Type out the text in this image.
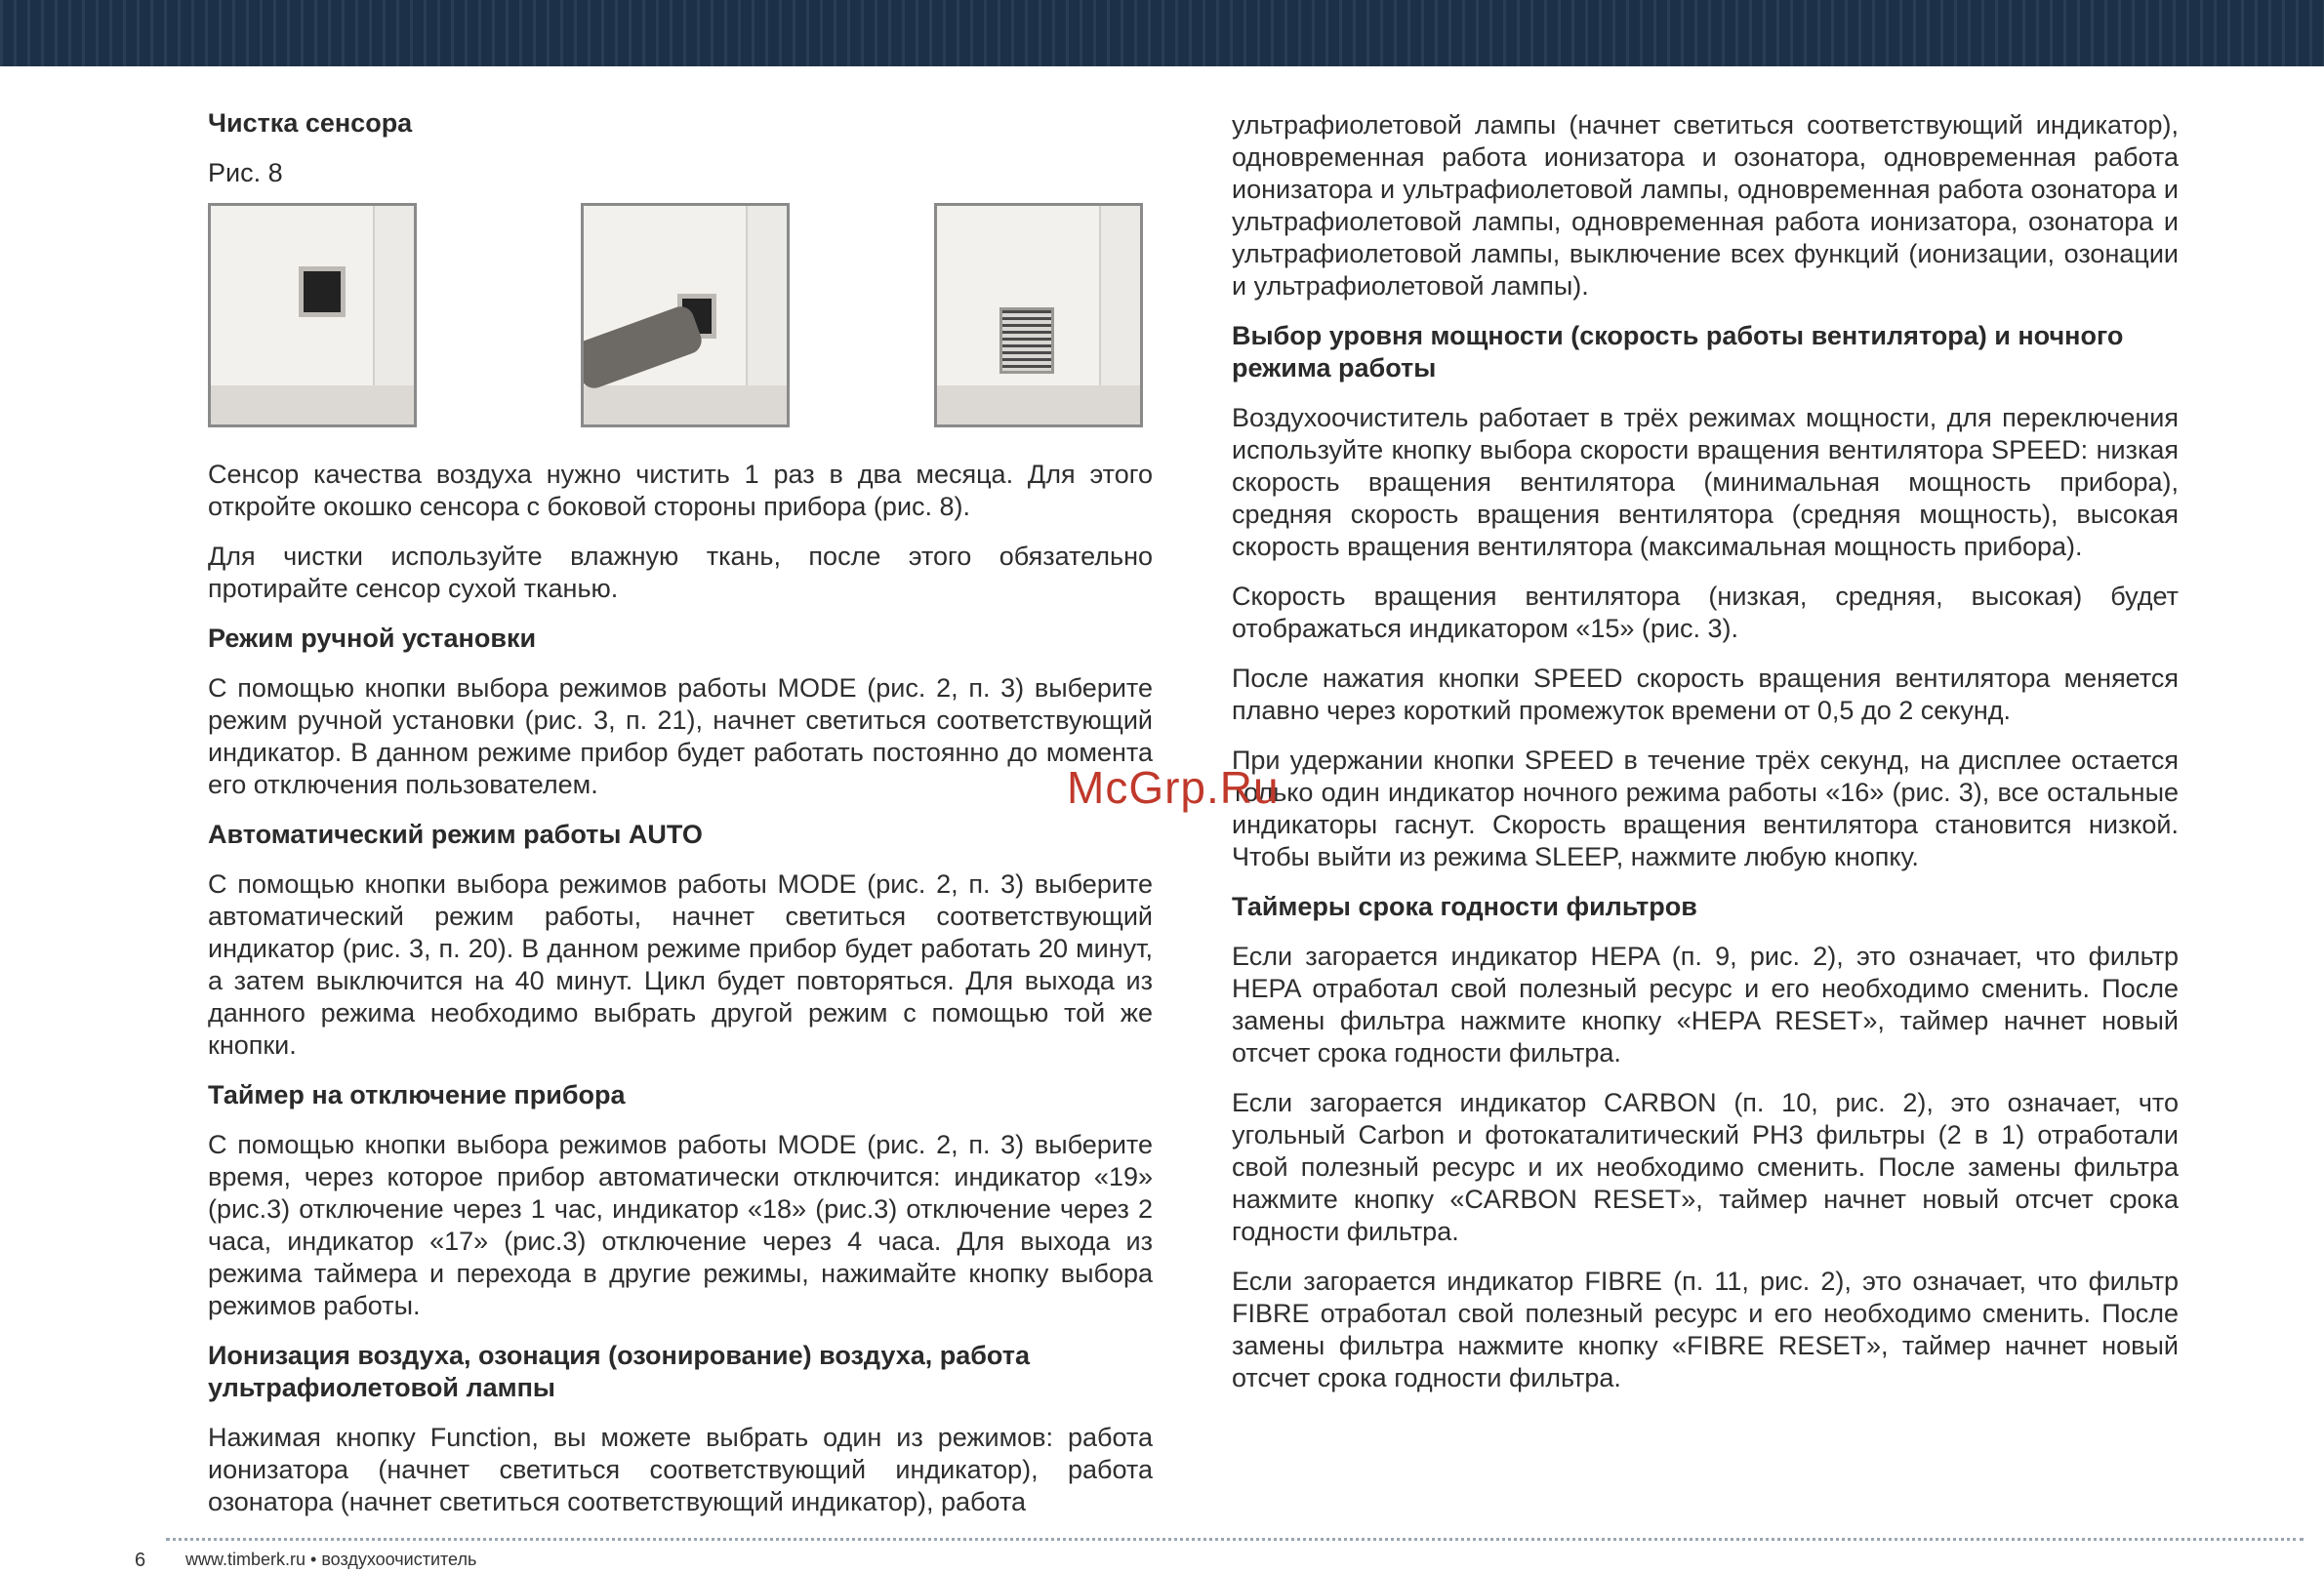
Чистка сенсора
Рис. 8
Сенсор качества воздуха нужно чистить 1 раз в два месяца. Для этого откройте окошко сенсора с боковой стороны прибора (рис. 8).
Для чистки используйте влажную ткань, после этого обязательно протирайте сенсор сухой тканью.
Режим ручной установки
С помощью кнопки выбора режимов работы MODE (рис. 2, п. 3) выберите режим ручной установки (рис. 3, п. 21), начнет светиться соответствующий индикатор. В данном режиме прибор будет работать постоянно до момента его отключения пользователем.
Автоматический режим работы AUTO
С помощью кнопки выбора режимов работы MODE (рис. 2, п. 3) выберите автоматический режим работы, начнет светиться соответствующий индикатор (рис. 3, п. 20). В данном режиме прибор будет работать 20 минут, а затем выключится на 40 минут. Цикл будет повторяться. Для выхода из данного режима необходимо выбрать другой режим с помощью той же кнопки.
Таймер на отключение прибора
С помощью кнопки выбора режимов работы MODE (рис. 2, п. 3) выберите время, через которое прибор автоматически отключится: индикатор «19» (рис.3) отключение через 1 час, индикатор «18» (рис.3) отключение через 2 часа, индикатор «17» (рис.3) отключение через 4 часа. Для выхода из режима таймера и перехода в другие режимы, нажимайте кнопку выбора режимов работы.
Ионизация воздуха, озонация (озонирование) воздуха, работа ультрафиолетовой лампы
Нажимая кнопку Function, вы можете выбрать один из режимов: работа ионизатора (начнет светиться соответствующий индикатор), работа озонатора (начнет светиться соответствующий индикатор), работа
ультрафиолетовой лампы (начнет светиться соответствующий индикатор), одновременная работа ионизатора и озонатора, одновременная работа ионизатора и ультрафиолетовой лампы, одновременная работа озонатора и ультрафиолетовой лампы, одновременная работа ионизатора, озонатора и ультрафиолетовой лампы, выключение всех функций (ионизации, озонации и ультрафиолетовой лампы).
Выбор уровня мощности (скорость работы вентилятора) и ночного режима работы
Воздухоочиститель работает в трёх режимах мощности, для переключения используйте кнопку выбора скорости вращения вентилятора SPEED: низкая скорость вращения вентилятора (минимальная мощность прибора), средняя скорость вращения вентилятора (средняя мощность), высокая скорость вращения вентилятора (максимальная мощность прибора).
Скорость вращения вентилятора (низкая, средняя, высокая) будет отображаться индикатором «15» (рис. 3).
После нажатия кнопки SPEED скорость вращения вентилятора меняется плавно через короткий промежуток времени от 0,5 до 2 секунд.
При удержании кнопки SPEED в течение трёх секунд, на дисплее остается только один индикатор ночного режима работы «16» (рис. 3), все остальные индикаторы гаснут. Скорость вращения вентилятора становится низкой. Чтобы выйти из режима SLEEP, нажмите любую кнопку.
Таймеры срока годности фильтров
Если загорается индикатор HEPA (п. 9, рис. 2), это означает, что фильтр HEPA отработал свой полезный ресурс и его необходимо сменить. После замены фильтра нажмите кнопку «HEPA RESET», таймер начнет новый отсчет срока годности фильтра.
Если загорается индикатор CARBON (п. 10, рис. 2), это означает, что угольный Carbon и фотокаталитический PH3 фильтры (2 в 1) отработали свой полезный ресурс и их необходимо сменить. После замены фильтра нажмите кнопку «CARBON RESET», таймер начнет новый отсчет срока годности фильтра.
Если загорается индикатор FIBRE (п. 11, рис. 2), это означает, что фильтр FIBRE отработал свой полезный ресурс и его необходимо сменить. После замены фильтра нажмите кнопку «FIBRE RESET», таймер начнет новый отсчет срока годности фильтра.
McGrp.Ru
6 www.timberk.ru • воздухоочиститель
